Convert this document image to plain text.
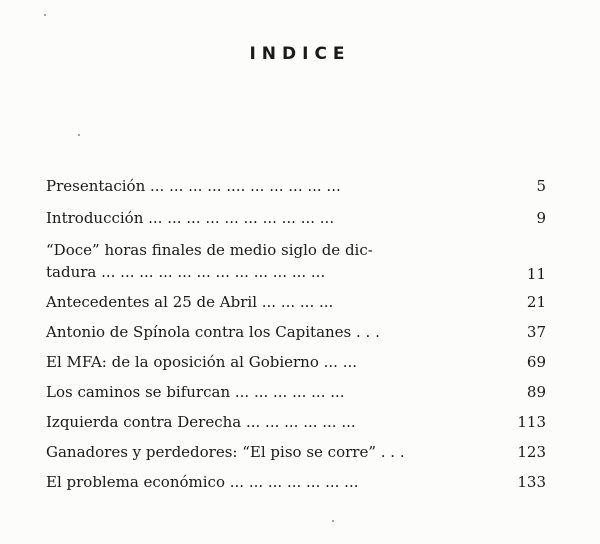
INDICE
Presentación ... ... ... ... .... ... ... ... ... ...	5
Introducción ... ... ... ... ... ... ... ... ... ...	9
“Doce” horas finales de medio siglo de dic-
tadura ... ... ... ... ... ... ... ... ... ... ... ...	11
Antecedentes al 25 de Abril ... ... ... ...	21
Antonio de Spínola contra los Capitanes . . .	37
El MFA: de la oposición al Gobierno ... ...	69
Los caminos se bifurcan ... ... ... ... ... ...	89
Izquierda contra Derecha ... ... ... ... ... ...	113
Ganadores y perdedores: “El piso se corre” . . .	123
El problema económico ... ... ... ... ... ... ...	133
